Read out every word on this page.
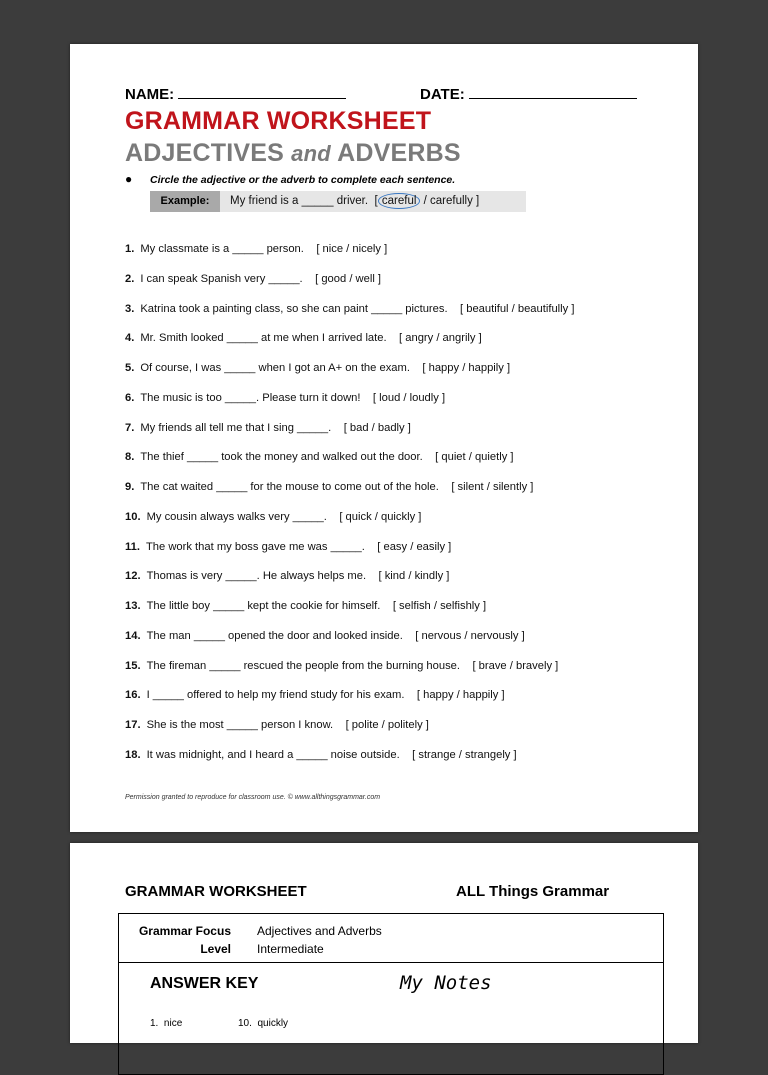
NAME:	DATE:
GRAMMAR WORKSHEET
ADJECTIVES and ADVERBS
● Circle the adjective or the adverb to complete each sentence.
Example:	My friend is a _____ driver. [ careful / carefully ]
1. My classmate is a _____ person. [ nice / nicely ]
2. I can speak Spanish very _____. [ good / well ]
3. Katrina took a painting class, so she can paint _____ pictures. [ beautiful / beautifully ]
4. Mr. Smith looked _____ at me when I arrived late. [ angry / angrily ]
5. Of course, I was _____ when I got an A+ on the exam. [ happy / happily ]
6. The music is too _____. Please turn it down! [ loud / loudly ]
7. My friends all tell me that I sing _____. [ bad / badly ]
8. The thief _____ took the money and walked out the door. [ quiet / quietly ]
9. The cat waited _____ for the mouse to come out of the hole. [ silent / silently ]
10. My cousin always walks very _____. [ quick / quickly ]
11. The work that my boss gave me was _____. [ easy / easily ]
12. Thomas is very _____. He always helps me. [ kind / kindly ]
13. The little boy _____ kept the cookie for himself. [ selfish / selfishly ]
14. The man _____ opened the door and looked inside. [ nervous / nervously ]
15. The fireman _____ rescued the people from the burning house. [ brave / bravely ]
16. I _____ offered to help my friend study for his exam. [ happy / happily ]
17. She is the most _____ person I know. [ polite / politely ]
18. It was midnight, and I heard a _____ noise outside. [ strange / strangely ]
Permission granted to reproduce for classroom use. © www.allthingsgrammar.com
GRAMMAR WORKSHEET	ALL Things Grammar
Grammar Focus Adjectives and Adverbs
Level Intermediate
ANSWER KEY	My Notes
1. nice	10. quickly
